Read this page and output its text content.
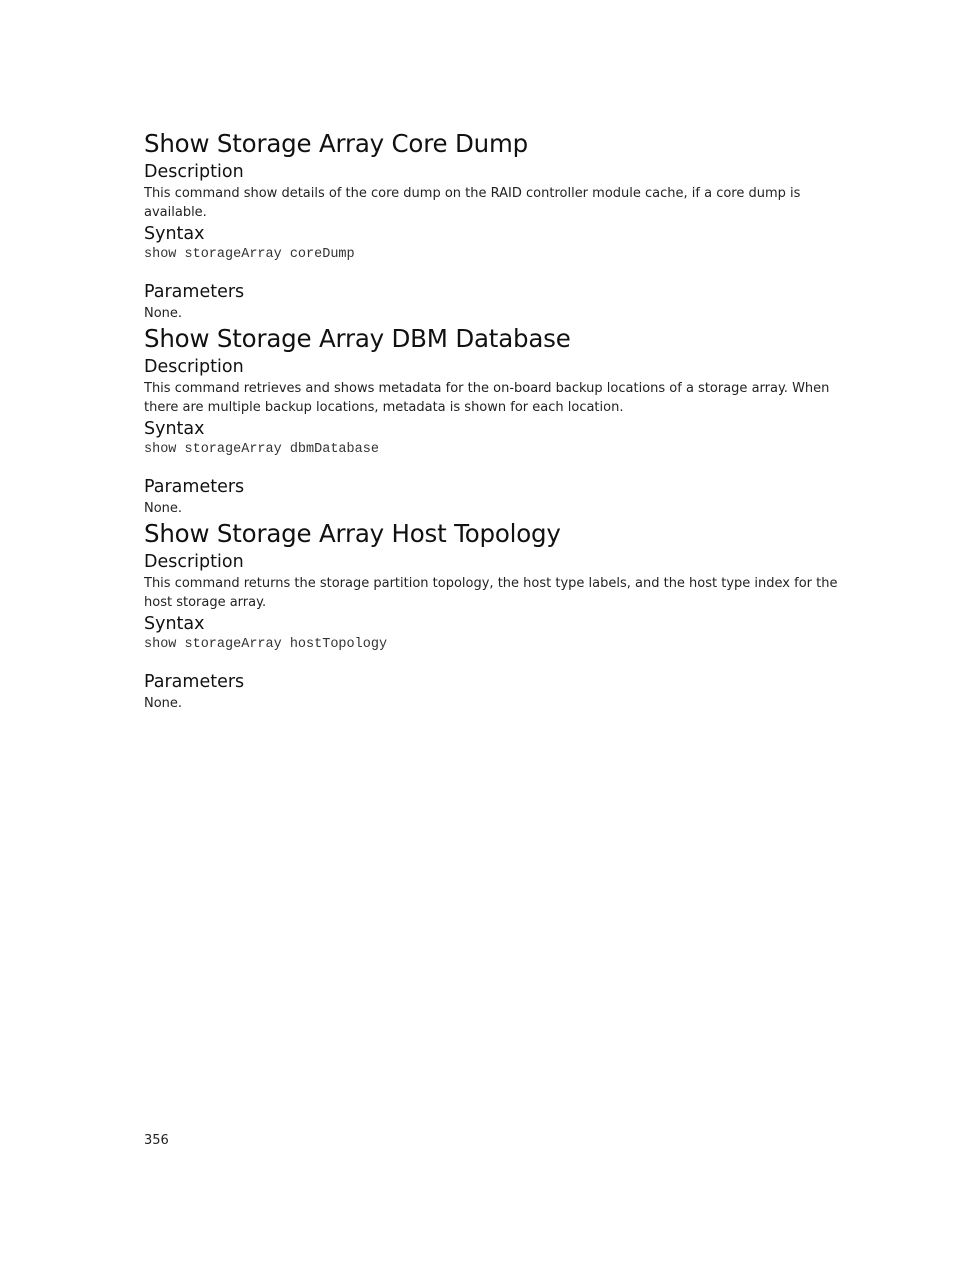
Show Storage Array Core Dump
Description

This command show details of the core dump on the RAID controller module cache, if a core dump is
available.

Syntax
show storageArray coreDump
Parameters

None.

Show Storage Array DBM Database
Description

This command retrieves and shows metadata for the on-board backup locations of a storage array. When
there are multiple backup locations, metadata is shown for each location.

Syntax
show storageArray dbmDatabase
Parameters

None.

Show Storage Array Host Topology
Description

This command returns the storage partition topology, the host type labels, and the host type index for the
host storage array.

Syntax
show storageArray hostTopology
Parameters

None.

356
